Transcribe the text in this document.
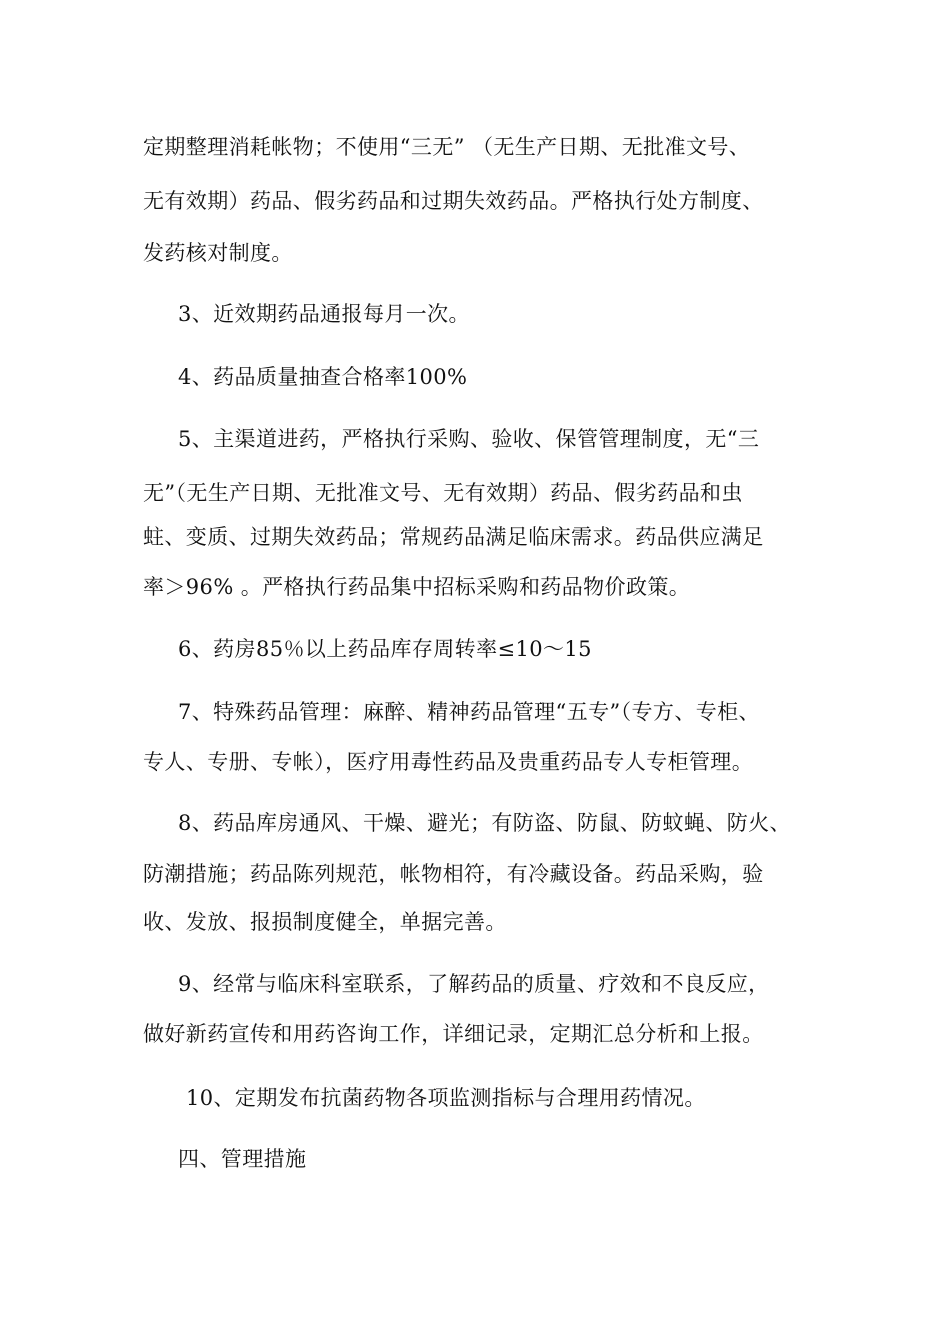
定期整理消耗帐物；不使用“三无” （无生产日期、无批准文号、
无有效期）药品、假劣药品和过期失效药品。严格执行处方制度、
发药核对制度。
3、近效期药品通报每月一次。
4、药品质量抽查合格率100%
5、主渠道进药，严格执行采购、验收、保管管理制度，无“三
无”（无生产日期、无批准文号、无有效期）药品、假劣药品和虫
蛀、变质、过期失效药品；常规药品满足临床需求。药品供应满足
率＞96% 。严格执行药品集中招标采购和药品物价政策。
6、药房85％以上药品库存周转率≤10～15
7、特殊药品管理：麻醉、精神药品管理“五专”（专方、专柜、
专人、专册、专帐），医疗用毒性药品及贵重药品专人专柜管理。
8、药品库房通风、干燥、避光；有防盗、防鼠、防蚊蝇、防火、
防潮措施；药品陈列规范，帐物相符，有冷藏设备。药品采购，验
收、发放、报损制度健全，单据完善。
9、经常与临床科室联系，了解药品的质量、疗效和不良反应，
做好新药宣传和用药咨询工作，详细记录，定期汇总分析和上报。
10、定期发布抗菌药物各项监测指标与合理用药情况。
四、管理措施
